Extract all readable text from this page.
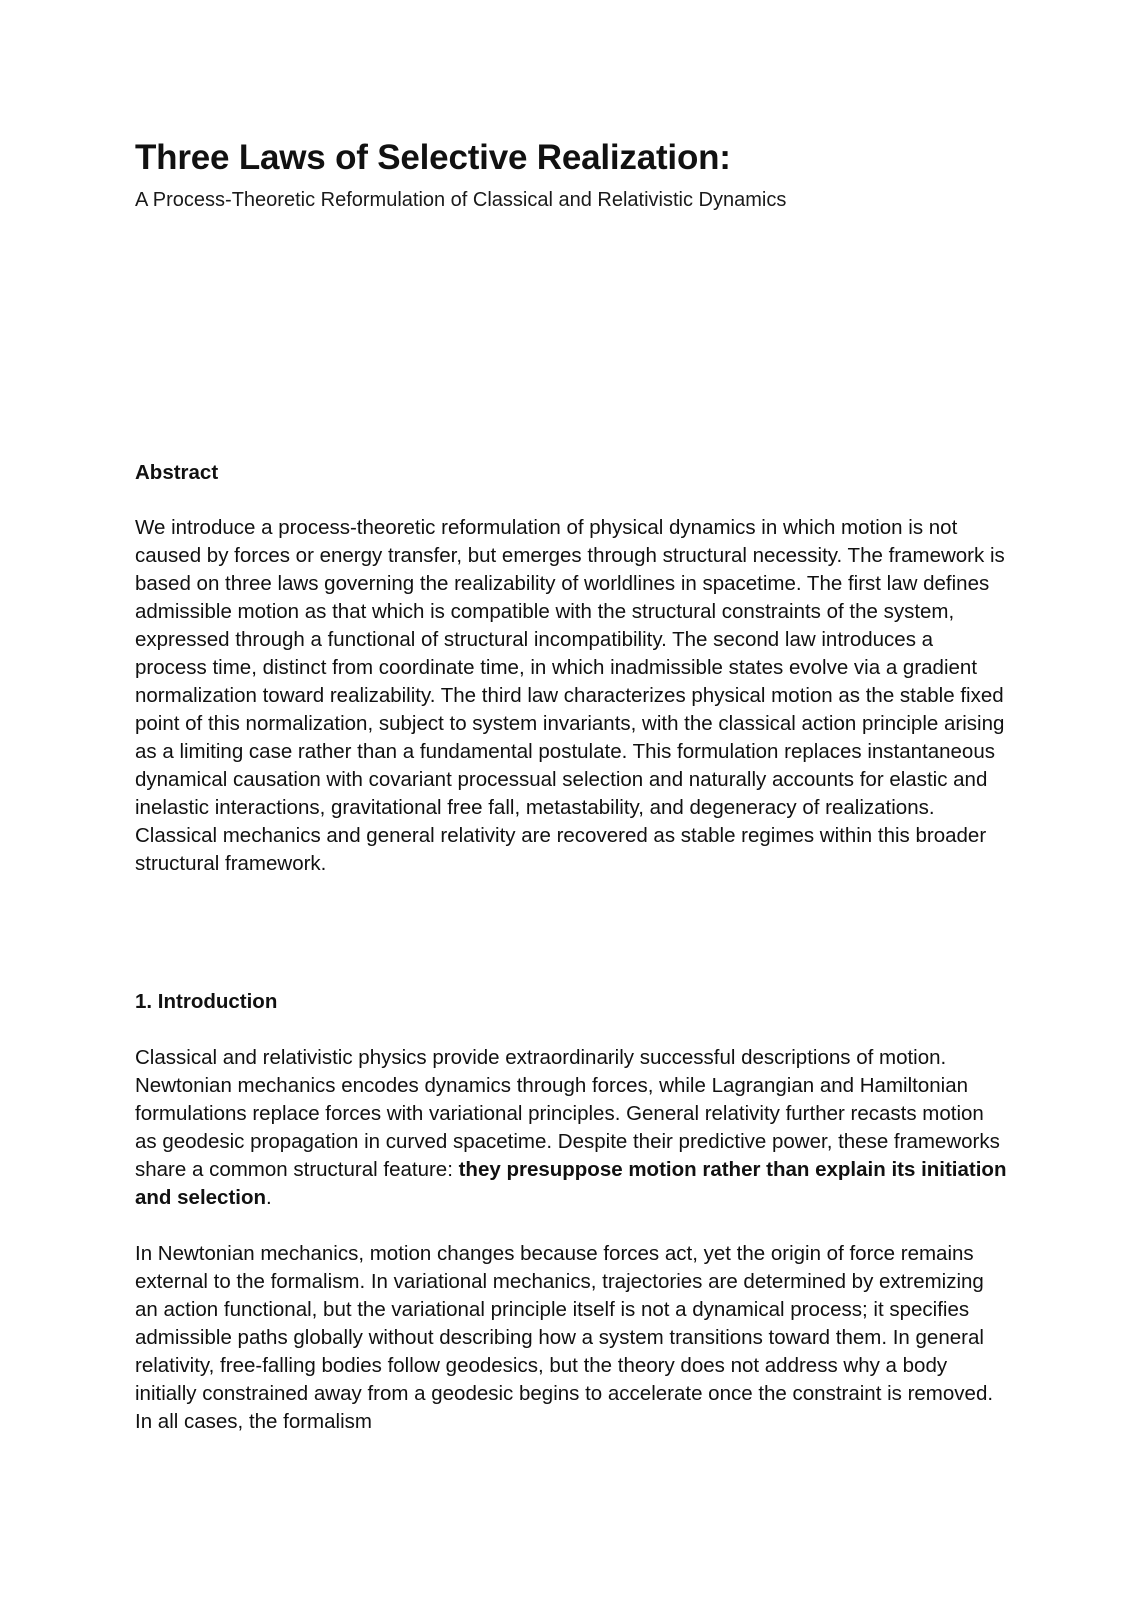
Three Laws of Selective Realization:

A Process-Theoretic Reformulation of Classical and Relativistic Dynamics

Abstract

We introduce a process-theoretic reformulation of physical dynamics in which motion is not caused by forces or energy transfer, but emerges through structural necessity. The framework is based on three laws governing the realizability of worldlines in spacetime. The first law defines admissible motion as that which is compatible with the structural constraints of the system, expressed through a functional of structural incompatibility. The second law introduces a process time, distinct from coordinate time, in which inadmissible states evolve via a gradient normalization toward realizability. The third law characterizes physical motion as the stable fixed point of this normalization, subject to system invariants, with the classical action principle arising as a limiting case rather than a fundamental postulate. This formulation replaces instantaneous dynamical causation with covariant processual selection and naturally accounts for elastic and inelastic interactions, gravitational free fall, metastability, and degeneracy of realizations. Classical mechanics and general relativity are recovered as stable regimes within this broader structural framework.

1. Introduction

Classical and relativistic physics provide extraordinarily successful descriptions of motion. Newtonian mechanics encodes dynamics through forces, while Lagrangian and Hamiltonian formulations replace forces with variational principles. General relativity further recasts motion as geodesic propagation in curved spacetime. Despite their predictive power, these frameworks share a common structural feature: they presuppose motion rather than explain its initiation and selection.

In Newtonian mechanics, motion changes because forces act, yet the origin of force remains external to the formalism. In variational mechanics, trajectories are determined by extremizing an action functional, but the variational principle itself is not a dynamical process; it specifies admissible paths globally without describing how a system transitions toward them. In general relativity, free-falling bodies follow geodesics, but the theory does not address why a body initially constrained away from a geodesic begins to accelerate once the constraint is removed. In all cases, the formalism
